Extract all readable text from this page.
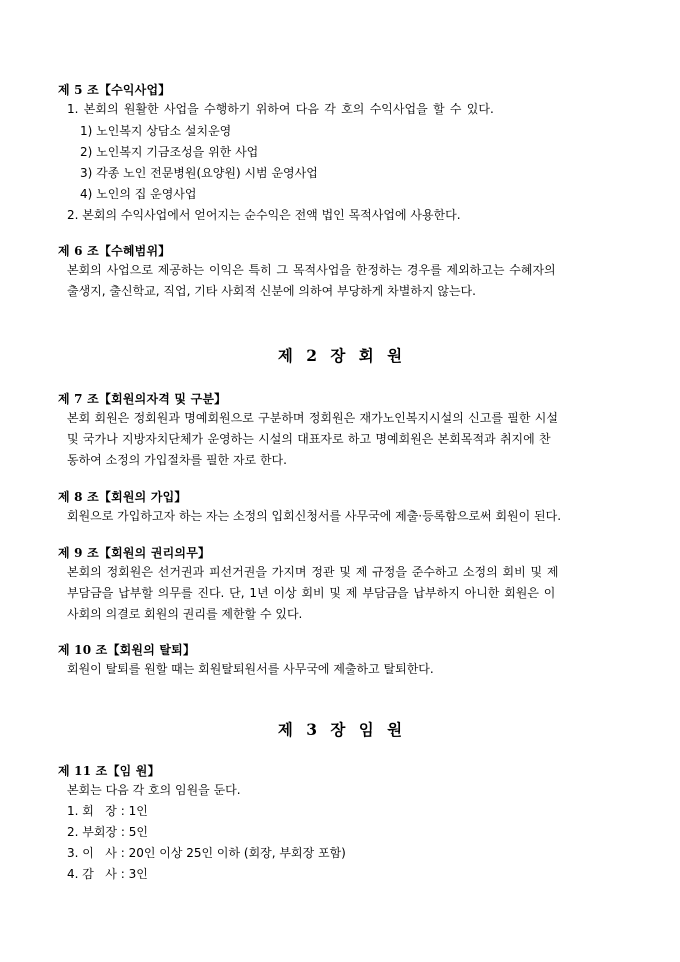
제 5 조【수익사업】
1. 본회의 원활한 사업을 수행하기 위하여 다음 각 호의 수익사업을 할 수 있다.
1) 노인복지 상담소 설치운영
2) 노인복지 기금조성을 위한 사업
3) 각종 노인 전문병원(요양원) 시범 운영사업
4) 노인의 집 운영사업
2. 본회의 수익사업에서 얻어지는 순수익은 전액 법인 목적사업에 사용한다.
제 6 조【수혜범위】
본회의 사업으로 제공하는 이익은 특히 그 목적사업을 한정하는 경우를 제외하고는 수혜자의
출생지, 출신학교, 직업, 기타 사회적 신분에 의하여 부당하게 차별하지 않는다.
제 2 장 회 원
제 7 조【회원의자격 및 구분】
본회 회원은 정회원과 명예회원으로 구분하며 정회원은 재가노인복지시설의 신고를 필한 시설
및 국가나 지방자치단체가 운영하는 시설의 대표자로 하고 명예회원은 본회목적과 취지에 찬
동하여 소정의 가입절차를 필한 자로 한다.
제 8 조【회원의 가입】
회원으로 가입하고자 하는 자는 소정의 입회신청서를 사무국에 제출·등록함으로써 회원이 된다.
제 9 조【회원의 권리의무】
본회의 정회원은 선거권과 피선거권을 가지며 정관 및 제 규정을 준수하고 소정의 회비 및 제
부담금을 납부할 의무를 진다. 단, 1년 이상 회비 및 제 부담금을 납부하지 아니한 회원은 이
사회의 의결로 회원의 권리를 제한할 수 있다.
제 10 조【회원의 탈퇴】
회원이 탈퇴를 원할 때는 회원탈퇴원서를 사무국에 제출하고 탈퇴한다.
제 3 장 임 원
제 11 조【임 원】
본회는 다음 각 호의 임원을 둔다.
1. 회   장 : 1인
2. 부회장 : 5인
3. 이   사 : 20인 이상 25인 이하 (회장, 부회장 포함)
4. 감   사 : 3인
